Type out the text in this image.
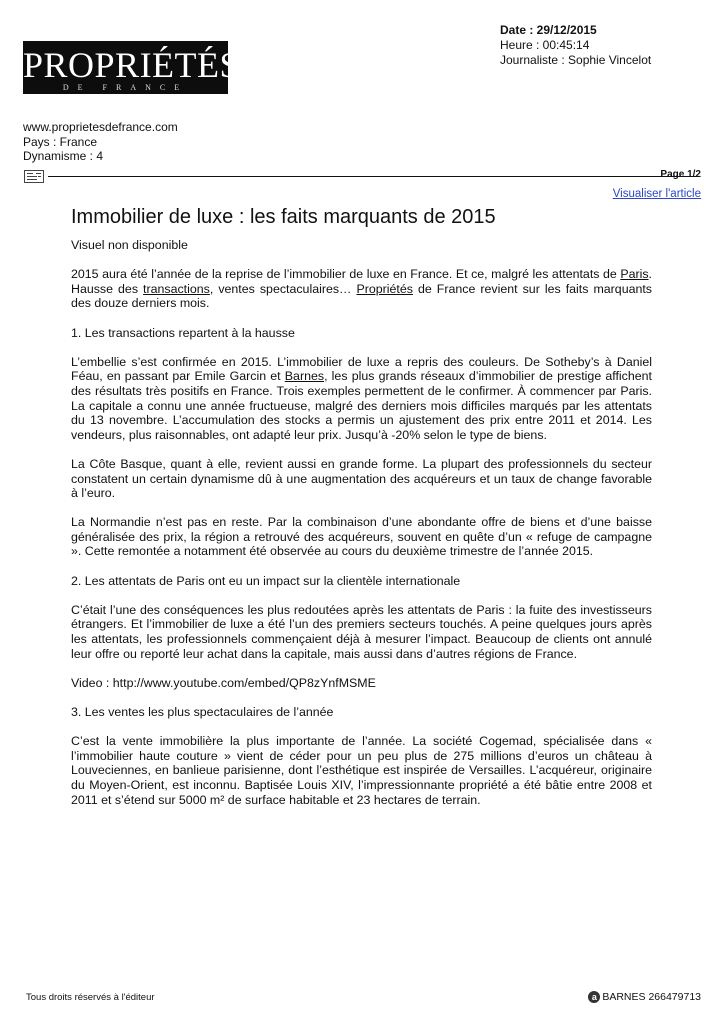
PROPRIÉTÉS
DE FRANCE
Date : 29/12/2015
Heure : 00:45:14
Journaliste : Sophie Vincelot
www.proprietesdefrance.com
Pays : France
Dynamisme : 4
Page 1/2
Visualiser l'article
Immobilier de luxe : les faits marquants de 2015

Visuel non disponible

2015 aura été l’année de la reprise de l’immobilier de luxe en France. Et ce, malgré les attentats de Paris. Hausse des transactions, ventes spectaculaires… Propriétés de France revient sur les faits marquants des douze derniers mois.

1. Les transactions repartent à la hausse

L’embellie s’est confirmée en 2015. L’immobilier de luxe a repris des couleurs. De Sotheby’s à Daniel Féau, en passant par Emile Garcin et Barnes, les plus grands réseaux d’immobilier de prestige affichent des résultats très positifs en France. Trois exemples permettent de le confirmer. À commencer par Paris. La capitale a connu une année fructueuse, malgré des derniers mois difficiles marqués par les attentats du 13 novembre. L’accumulation des stocks a permis un ajustement des prix entre 2011 et 2014. Les vendeurs, plus raisonnables, ont adapté leur prix. Jusqu’à -20% selon le type de biens.

La Côte Basque, quant à elle, revient aussi en grande forme. La plupart des professionnels du secteur constatent un certain dynamisme dû à une augmentation des acquéreurs et un taux de change favorable à l’euro.

La Normandie n’est pas en reste. Par la combinaison d’une abondante offre de biens et d’une baisse généralisée des prix, la région a retrouvé des acquéreurs, souvent en quête d’un « refuge de campagne ». Cette remontée a notamment été observée au cours du deuxième trimestre de l’année 2015.

2. Les attentats de Paris ont eu un impact sur la clientèle internationale

C’était l’une des conséquences les plus redoutées après les attentats de Paris : la fuite des investisseurs étrangers. Et l’immobilier de luxe a été l’un des premiers secteurs touchés. A peine quelques jours après les attentats, les professionnels commençaient déjà à mesurer l’impact. Beaucoup de clients ont annulé leur offre ou reporté leur achat dans la capitale, mais aussi dans d’autres régions de France.

Video : http://www.youtube.com/embed/QP8zYnfMSME

3. Les ventes les plus spectaculaires de l’année

C’est la vente immobilière la plus importante de l’année. La société Cogemad, spécialisée dans « l’immobilier haute couture » vient de céder pour un peu plus de 275 millions d’euros un château à Louveciennes, en banlieue parisienne, dont l’esthétique est inspirée de Versailles. L’acquéreur, originaire du Moyen-Orient, est inconnu. Baptisée Louis XIV, l’impressionnante propriété a été bâtie entre 2008 et 2011 et s’étend sur 5000 m² de surface habitable et 23 hectares de terrain.

Tous droits réservés à l'éditeur	a BARNES 266479713
